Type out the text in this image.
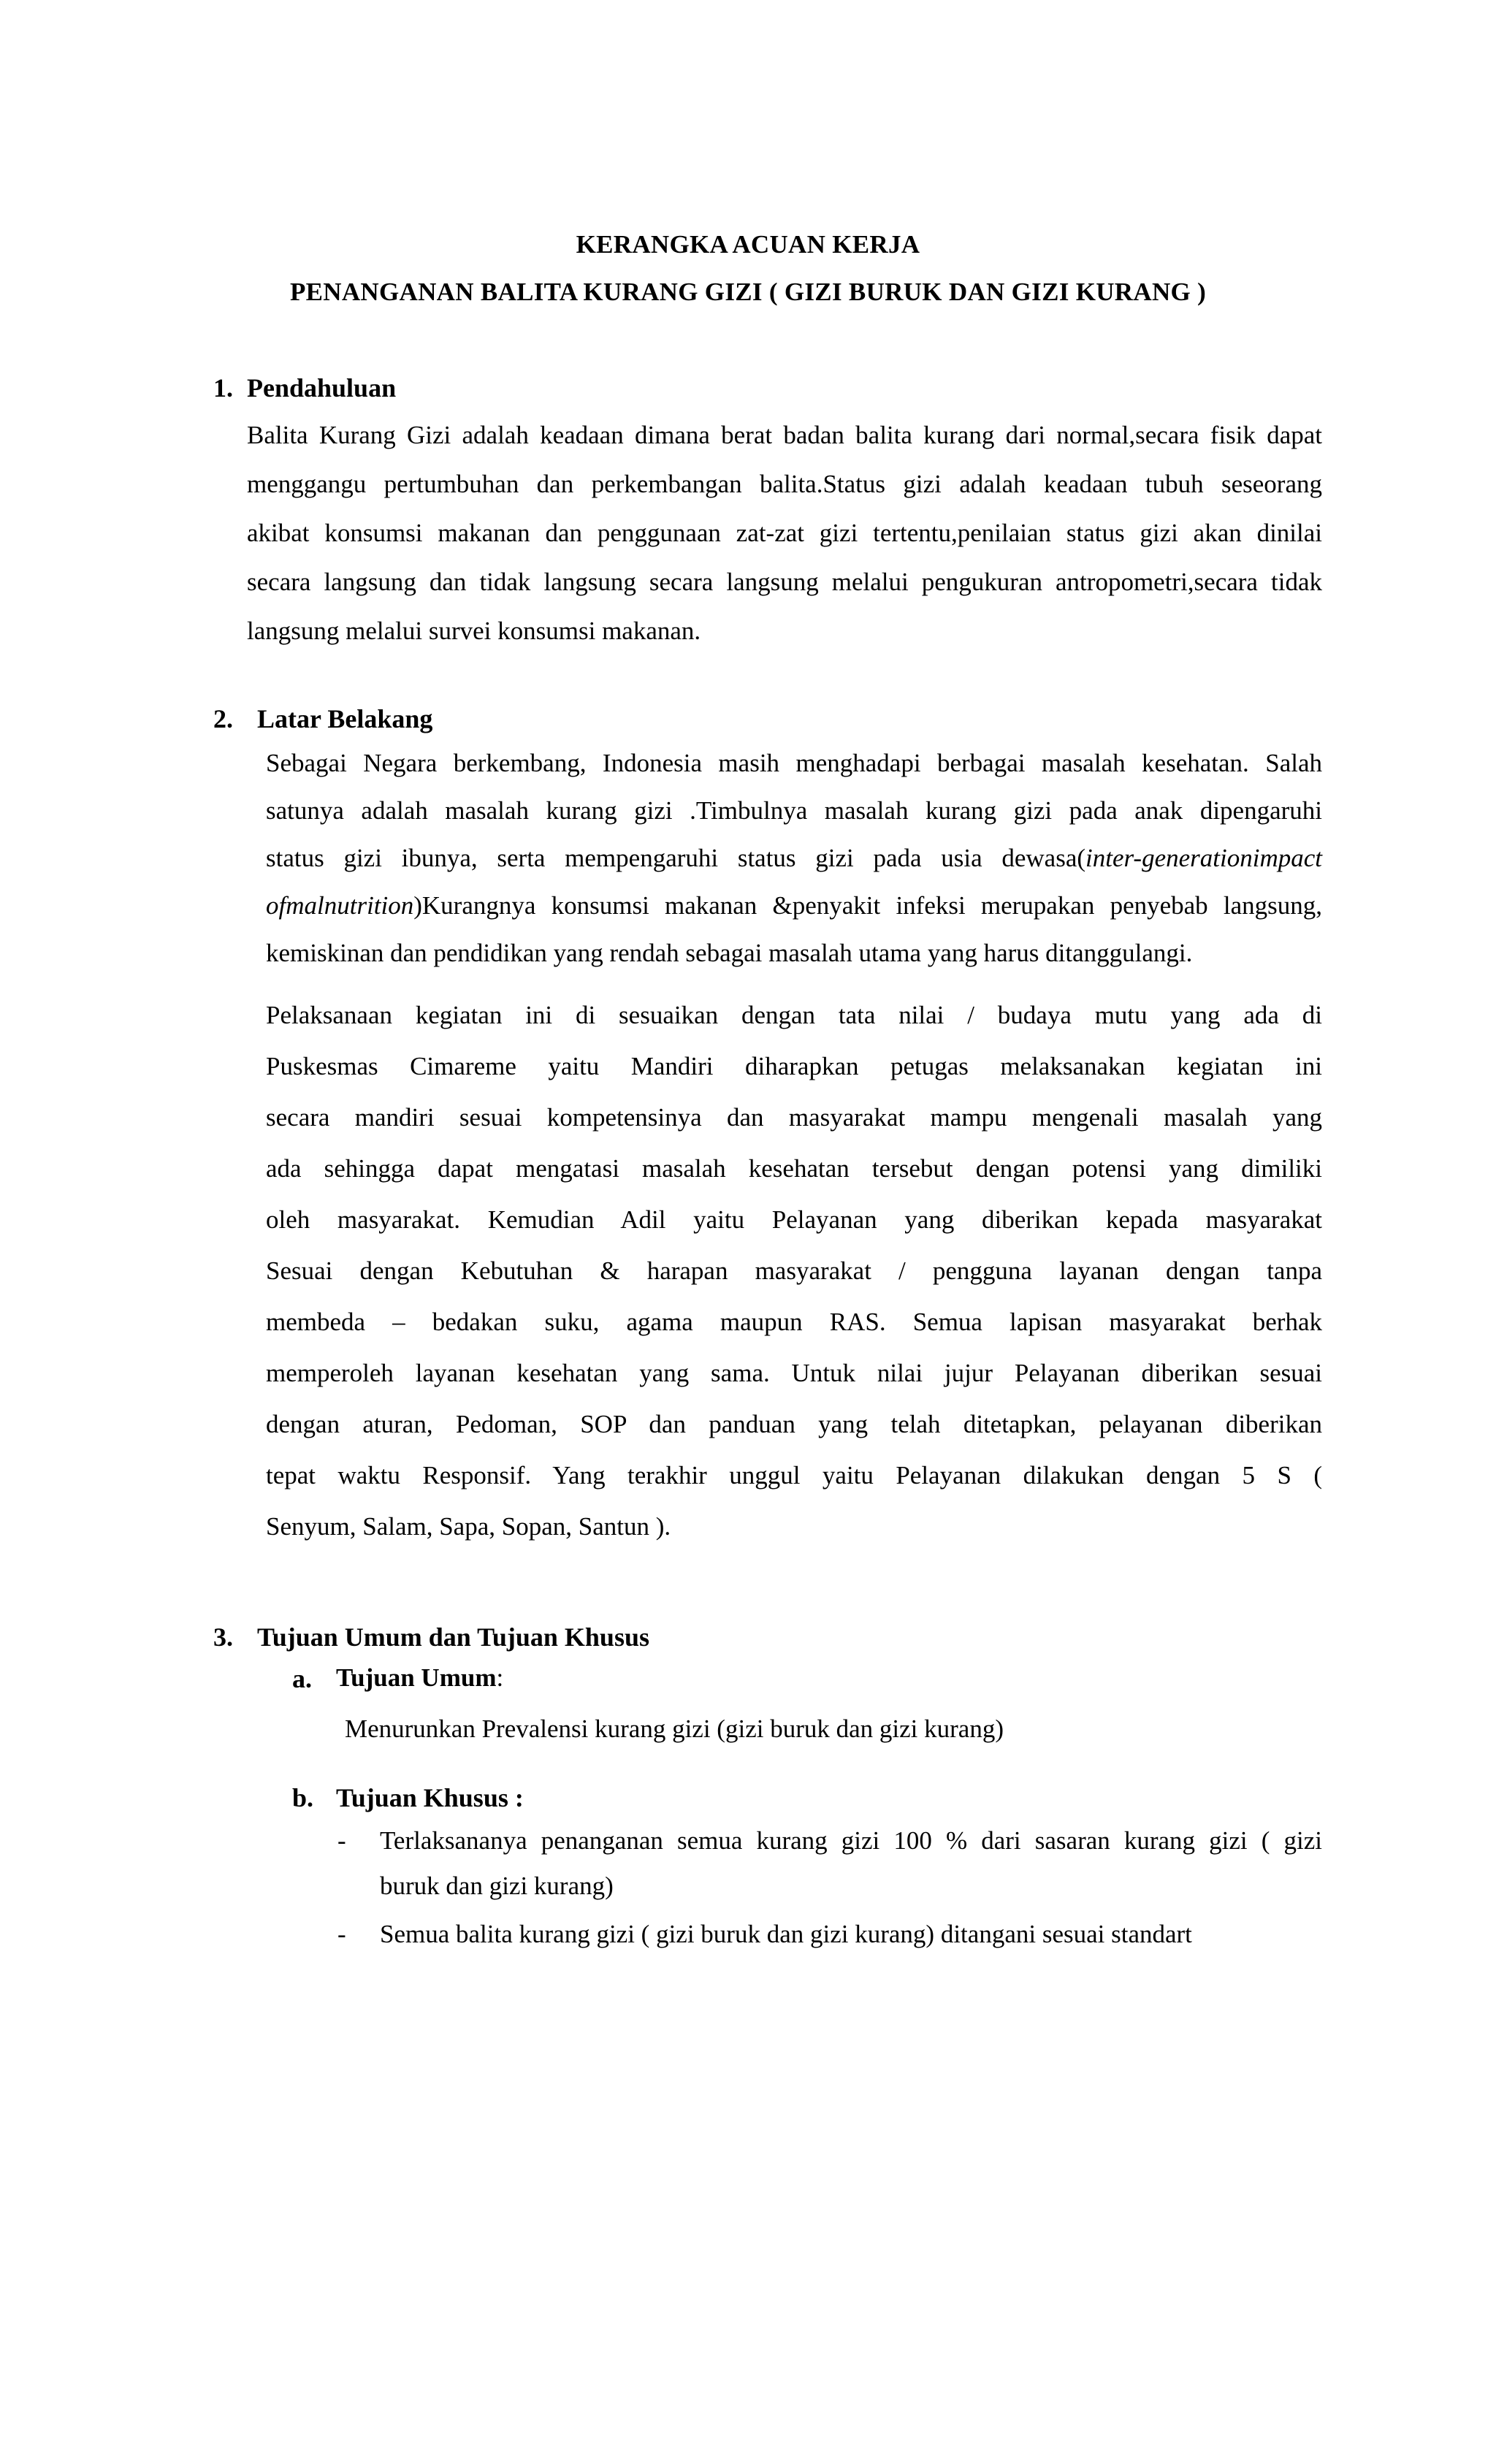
KERANGKA ACUAN KERJA
PENANGANAN BALITA KURANG GIZI ( GIZI BURUK DAN GIZI KURANG )
1. Pendahuluan
Balita Kurang Gizi adalah keadaan dimana berat badan balita kurang dari normal,secara fisik dapat
menggangu pertumbuhan dan perkembangan balita.Status gizi adalah keadaan tubuh seseorang
akibat konsumsi makanan dan penggunaan zat-zat gizi tertentu,penilaian status gizi akan dinilai
secara langsung dan tidak langsung secara langsung melalui pengukuran antropometri,secara tidak
langsung melalui survei konsumsi makanan.
2. Latar Belakang
Sebagai Negara berkembang, Indonesia masih menghadapi berbagai masalah kesehatan. Salah
satunya adalah masalah kurang gizi .Timbulnya masalah kurang gizi pada anak dipengaruhi
status gizi ibunya, serta mempengaruhi status gizi pada usia dewasa(inter-generationimpact
ofmalnutrition)Kurangnya konsumsi makanan &penyakit infeksi merupakan penyebab langsung,
kemiskinan dan pendidikan yang rendah sebagai masalah utama yang harus ditanggulangi.
Pelaksanaan kegiatan ini di sesuaikan dengan tata nilai / budaya mutu yang ada di
Puskesmas Cimareme yaitu Mandiri diharapkan petugas melaksanakan kegiatan ini
secara mandiri sesuai kompetensinya dan masyarakat mampu mengenali masalah yang
ada sehingga dapat mengatasi masalah kesehatan tersebut dengan potensi yang dimiliki
oleh masyarakat. Kemudian Adil yaitu Pelayanan yang diberikan kepada masyarakat
Sesuai dengan Kebutuhan & harapan masyarakat / pengguna layanan dengan tanpa
membeda – bedakan suku, agama maupun RAS. Semua lapisan masyarakat berhak
memperoleh layanan kesehatan yang sama. Untuk nilai jujur Pelayanan diberikan sesuai
dengan aturan, Pedoman, SOP dan panduan yang telah ditetapkan, pelayanan diberikan
tepat waktu Responsif. Yang terakhir unggul yaitu Pelayanan dilakukan dengan 5 S (
Senyum, Salam, Sapa, Sopan, Santun ).
3. Tujuan Umum dan Tujuan Khusus
a. Tujuan Umum:
Menurunkan Prevalensi kurang gizi (gizi buruk dan gizi kurang)
b. Tujuan Khusus :
- Terlaksananya penanganan semua kurang gizi 100 % dari sasaran kurang gizi ( gizi
buruk dan gizi kurang)
- Semua balita kurang gizi ( gizi buruk dan gizi kurang) ditangani sesuai standart
